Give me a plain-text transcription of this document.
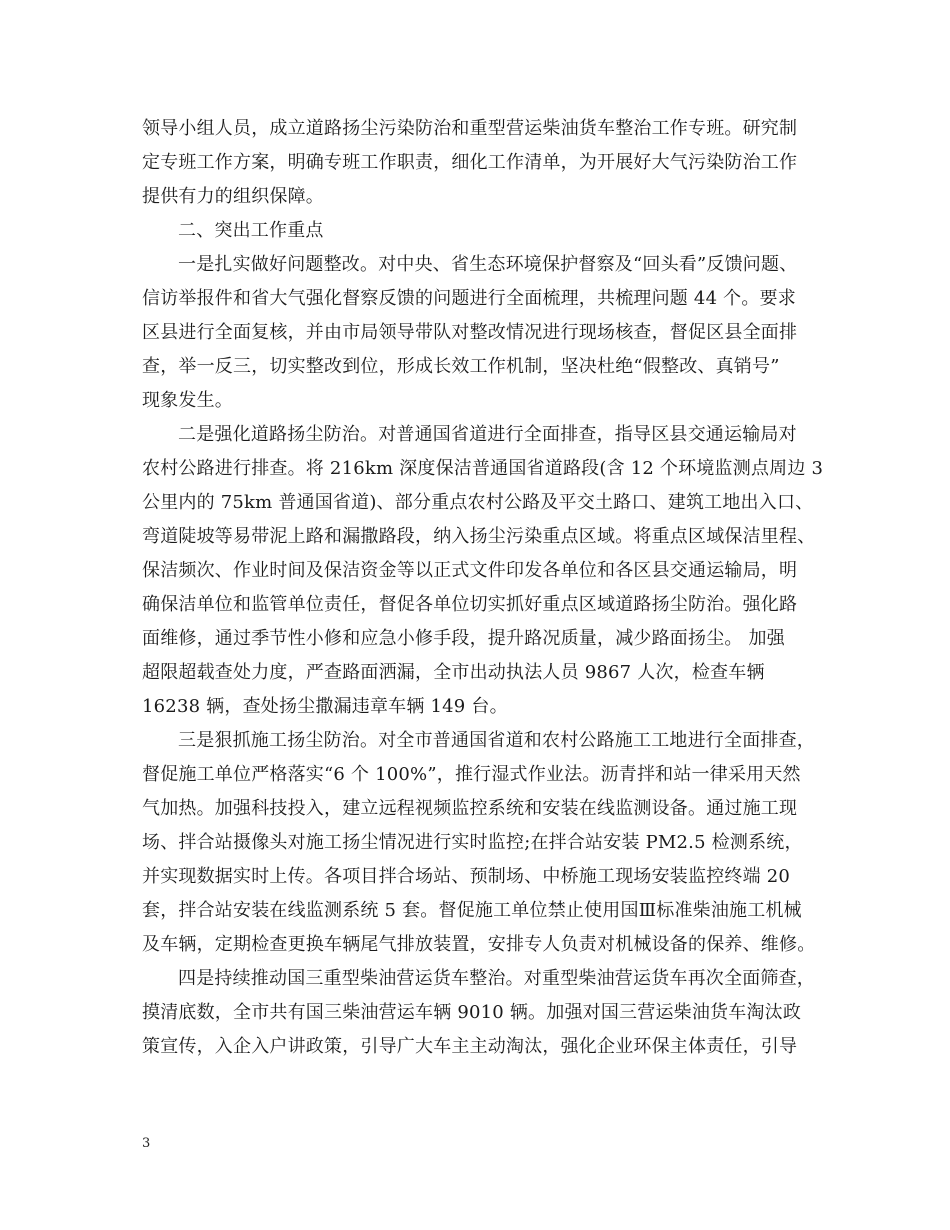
领导小组人员，成立道路扬尘污染防治和重型营运柴油货车整治工作专班。研究制
定专班工作方案，明确专班工作职责，细化工作清单，为开展好大气污染防治工作
提供有力的组织保障。
二、突出工作重点
一是扎实做好问题整改。对中央、省生态环境保护督察及“回头看”反馈问题、
信访举报件和省大气强化督察反馈的问题进行全面梳理，共梳理问题 44 个。要求
区县进行全面复核，并由市局领导带队对整改情况进行现场核查，督促区县全面排
查，举一反三，切实整改到位，形成长效工作机制，坚决杜绝“假整改、真销号”
现象发生。
二是强化道路扬尘防治。对普通国省道进行全面排查，指导区县交通运输局对
农村公路进行排查。将 216km 深度保洁普通国省道路段(含 12 个环境监测点周边 3
公里内的 75km 普通国省道)、部分重点农村公路及平交土路口、建筑工地出入口、
弯道陡坡等易带泥上路和漏撒路段，纳入扬尘污染重点区域。将重点区域保洁里程、
保洁频次、作业时间及保洁资金等以正式文件印发各单位和各区县交通运输局，明
确保洁单位和监管单位责任，督促各单位切实抓好重点区域道路扬尘防治。强化路
面维修，通过季节性小修和应急小修手段，提升路况质量，减少路面扬尘。 加强
超限超载查处力度，严查路面洒漏，全市出动执法人员 9867 人次，检查车辆
16238 辆，查处扬尘撒漏违章车辆 149 台。
三是狠抓施工扬尘防治。对全市普通国省道和农村公路施工工地进行全面排查，
督促施工单位严格落实“6 个 100%”，推行湿式作业法。沥青拌和站一律采用天然
气加热。加强科技投入，建立远程视频监控系统和安装在线监测设备。通过施工现
场、拌合站摄像头对施工扬尘情况进行实时监控;在拌合站安装 PM2.5 检测系统，
并实现数据实时上传。各项目拌合场站、预制场、中桥施工现场安装监控终端 20
套，拌合站安装在线监测系统 5 套。督促施工单位禁止使用国Ⅲ标准柴油施工机械
及车辆，定期检查更换车辆尾气排放装置，安排专人负责对机械设备的保养、维修。
四是持续推动国三重型柴油营运货车整治。对重型柴油营运货车再次全面筛查，
摸清底数，全市共有国三柴油营运车辆 9010 辆。加强对国三营运柴油货车淘汰政
策宣传，入企入户讲政策，引导广大车主主动淘汰，强化企业环保主体责任，引导
3
